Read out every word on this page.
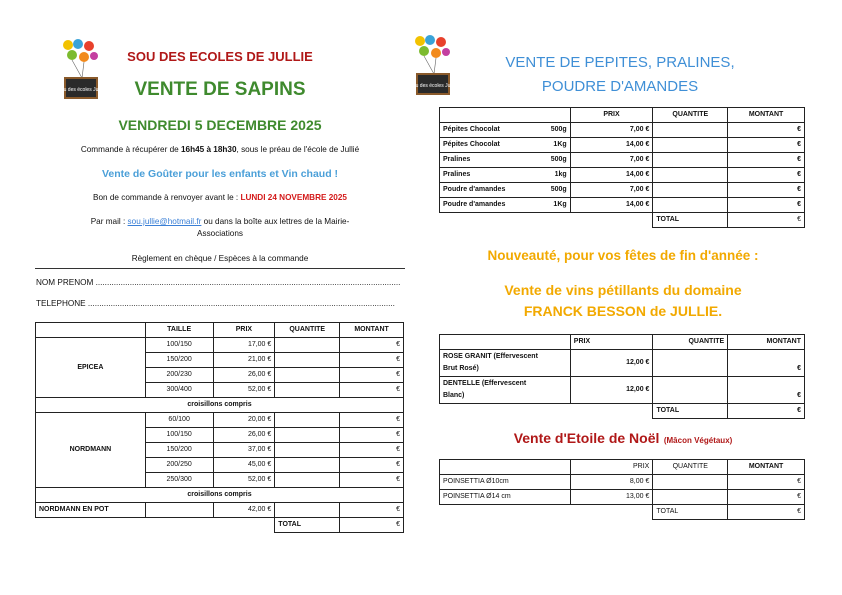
Sou des écoles Jullié
SOU DES ECOLES DE JULLIE
VENTE DE SAPINS
VENDREDI 5 DECEMBRE 2025
Commande à récupérer de 16h45 à 18h30, sous le préau de l'école de Jullié
Vente de Goûter pour les enfants et Vin chaud !
Bon de commande à renvoyer avant le : LUNDI 24 NOVEMBRE 2025
Par mail : sou.jullie@hotmail.fr ou dans la boîte aux lettres de la Mairie-
Associations
Règlement en chèque / Espèces à la commande
NOM PRENOM ......................................................................................................................................
TELEPHONE .......................................................................................................................................
	TAILLE	PRIX	QUANTITE	MONTANT
EPICEA	100/150	17,00 €		€
	150/200	21,00 €		€
	200/230	26,00 €		€
	300/400	52,00 €		€
croisillons compris				
NORDMANN	60/100	20,00 €		€
	100/150	26,00 €		€
	150/200	37,00 €		€
	200/250	45,00 €		€
	250/300	52,00 €		€
croisillons compris				
NORDMANN EN POT		42,00 €		€
			TOTAL	€
Sou des écoles Jullié
VENTE DE PEPITES, PRALINES,
POUDRE D'AMANDES
	PRIX	QUANTITE	MONTANT
Pépites Chocolat 500g	7,00 €		€
Pépites Chocolat 1Kg	14,00 €		€
Pralines 500g	7,00 €		€
Pralines 1kg	14,00 €		€
Poudre d'amandes 500g	7,00 €		€
Poudre d'amandes 1Kg	14,00 €		€
		TOTAL	€
Nouveauté, pour vos fêtes de fin d'année :
Vente de vins pétillants du domaine
FRANCK BESSON de JULLIE.
	PRIX	QUANTITE	MONTANT
ROSE GRANIT (Effervescent
Brut Rosé)	12,00 €		€
DENTELLE (Effervescent
Blanc)	12,00 €		€
		TOTAL	€
Vente d'Etoile de Noël (Mâcon Végétaux)
	PRIX	QUANTITE	MONTANT
POINSETTIA Ø10cm	8,00 €		€
POINSETTIA Ø14 cm	13,00 €		€
		TOTAL	€
